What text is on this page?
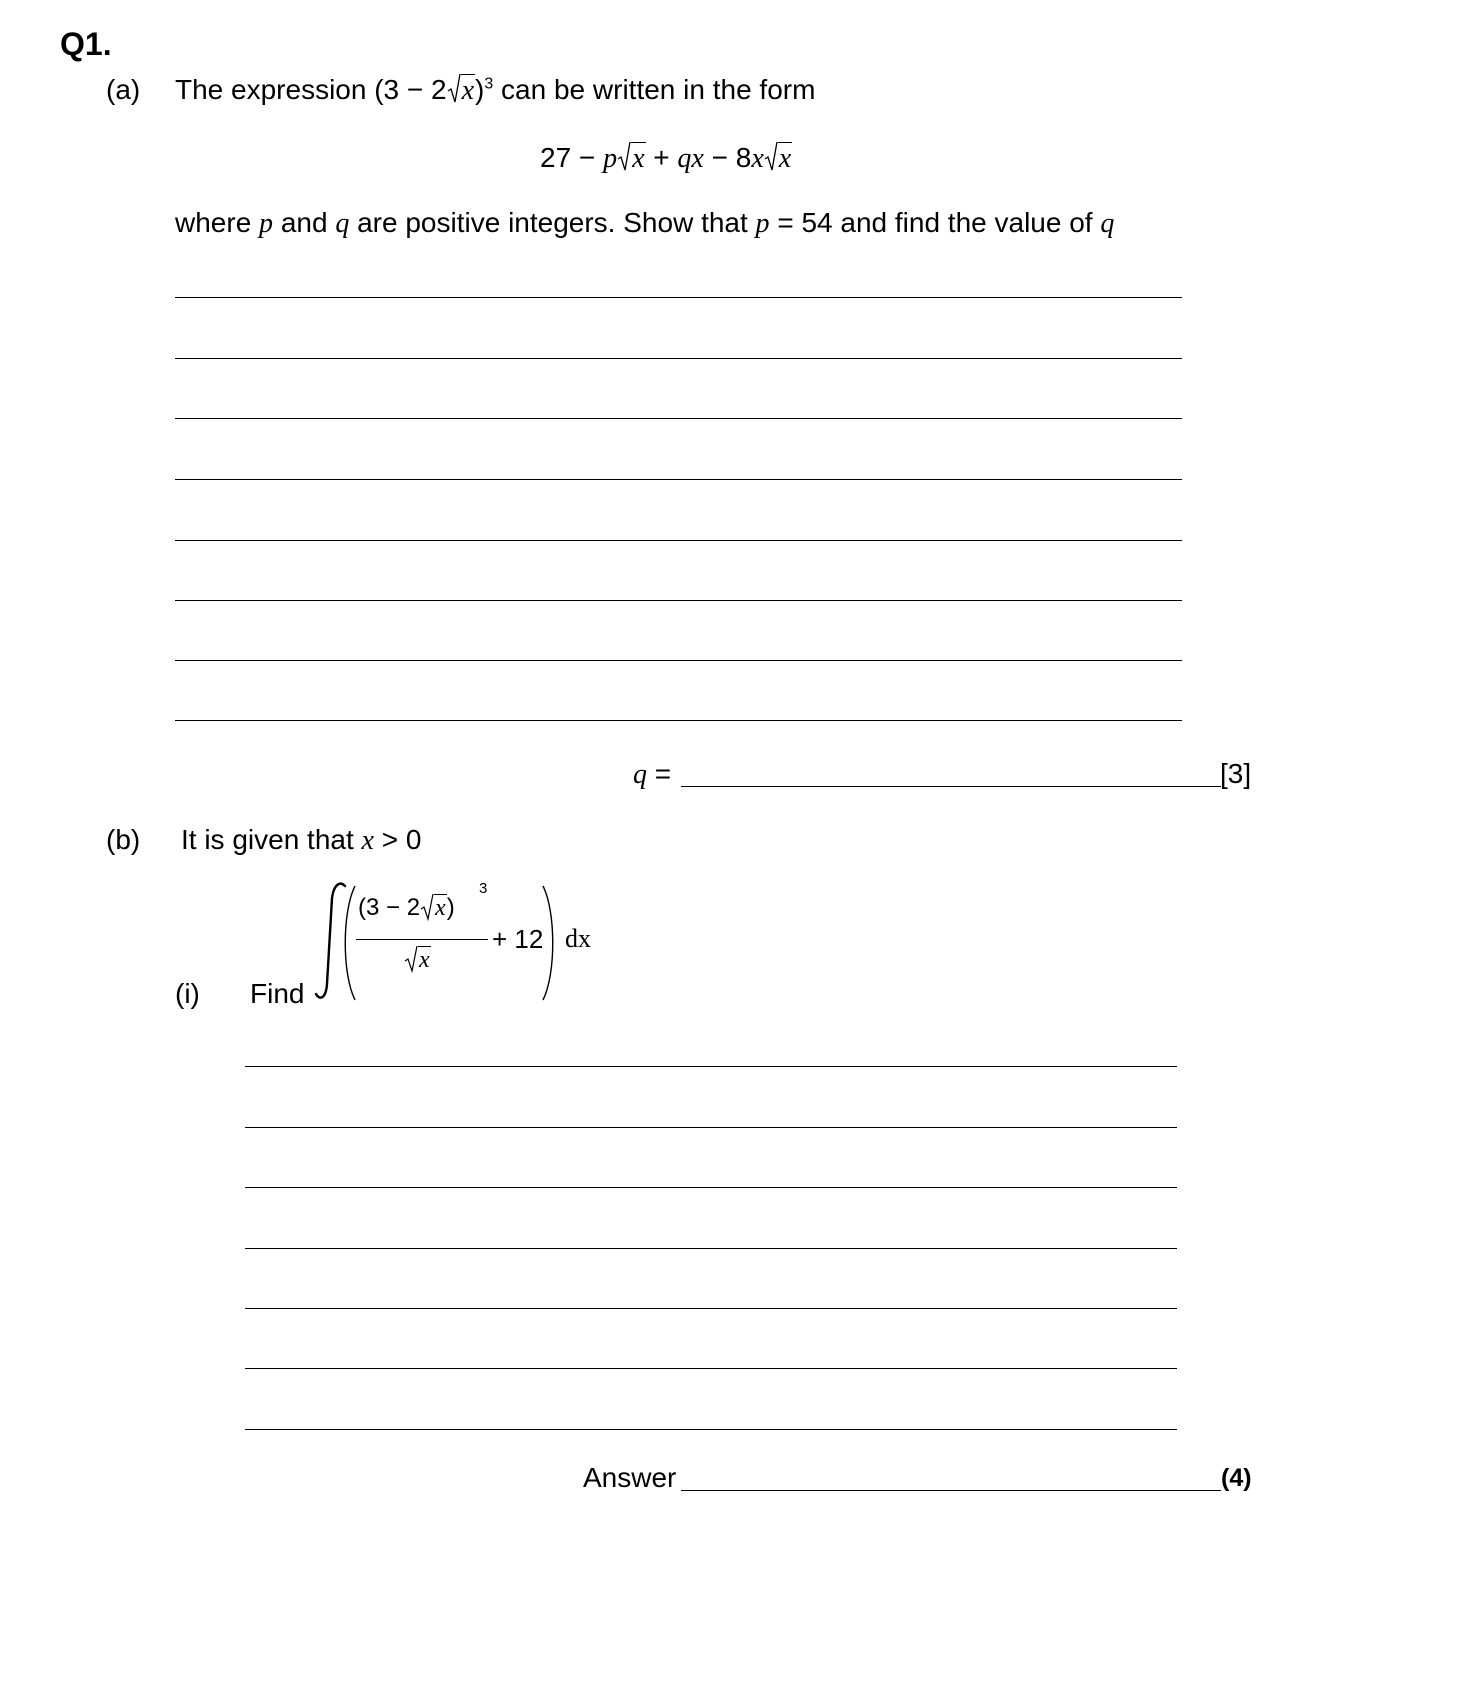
Q1.
(a) The expression (3 − 2 x)$^3$ can be written in the form
27 − p x + qx − 8x x
where p and q are positive integers. Show that p = 54 and find the value of q
q =	[3]
(b) It is given that x > 0
(i) Find
(3 − 2 x)
3
x
+ 12 dx
Answer	(4)
